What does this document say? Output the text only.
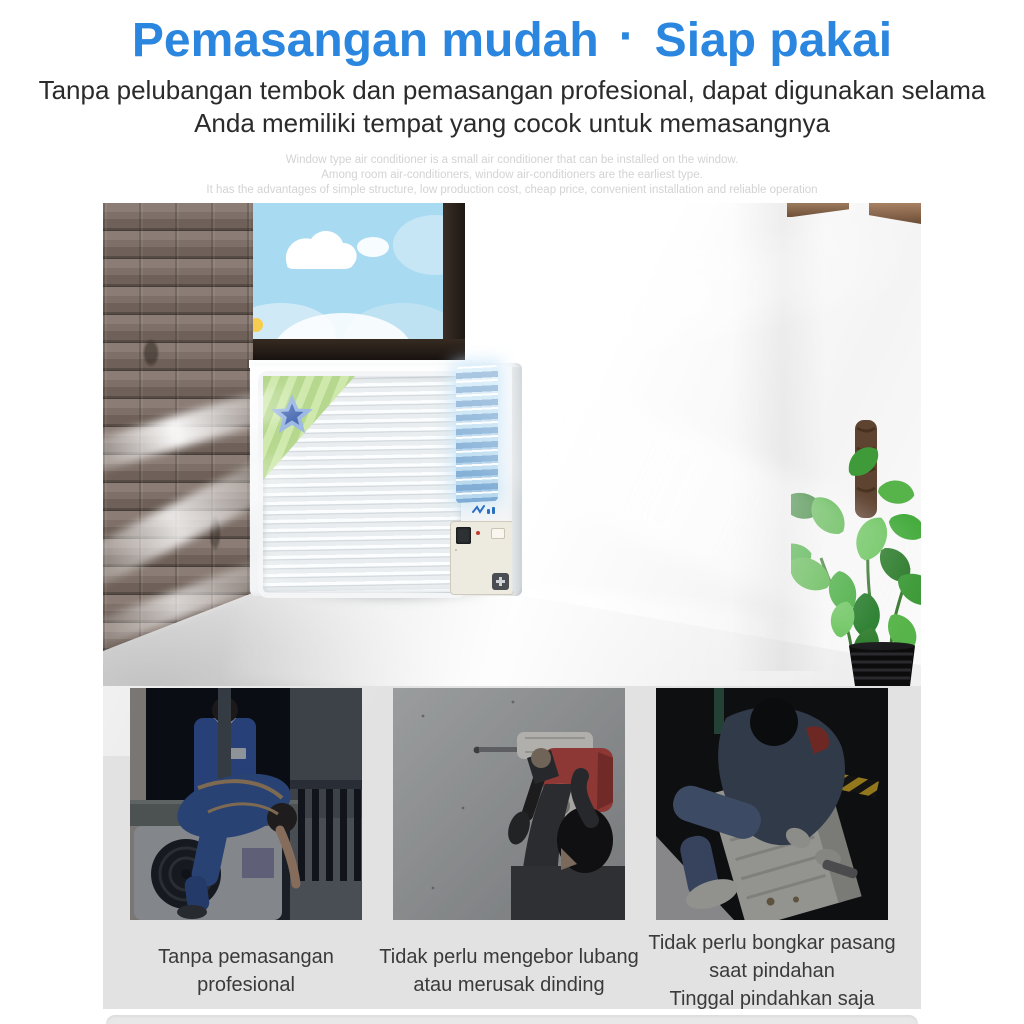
Pemasangan mudah · Siap pakai
Tanpa pelubangan tembok dan pemasangan profesional, dapat digunakan selama
Anda memiliki tempat yang cocok untuk memasangnya
Window type air conditioner is a small air conditioner that can be installed on the window.
Among room air-conditioners, window air-conditioners are the earliest type.
It has the advantages of simple structure, low production cost, cheap price, convenient installation and reliable operation
Tanpa pemasangan
profesional
Tidak perlu mengebor lubang
atau merusak dinding
Tidak perlu bongkar pasang
saat pindahan
Tinggal pindahkan saja
